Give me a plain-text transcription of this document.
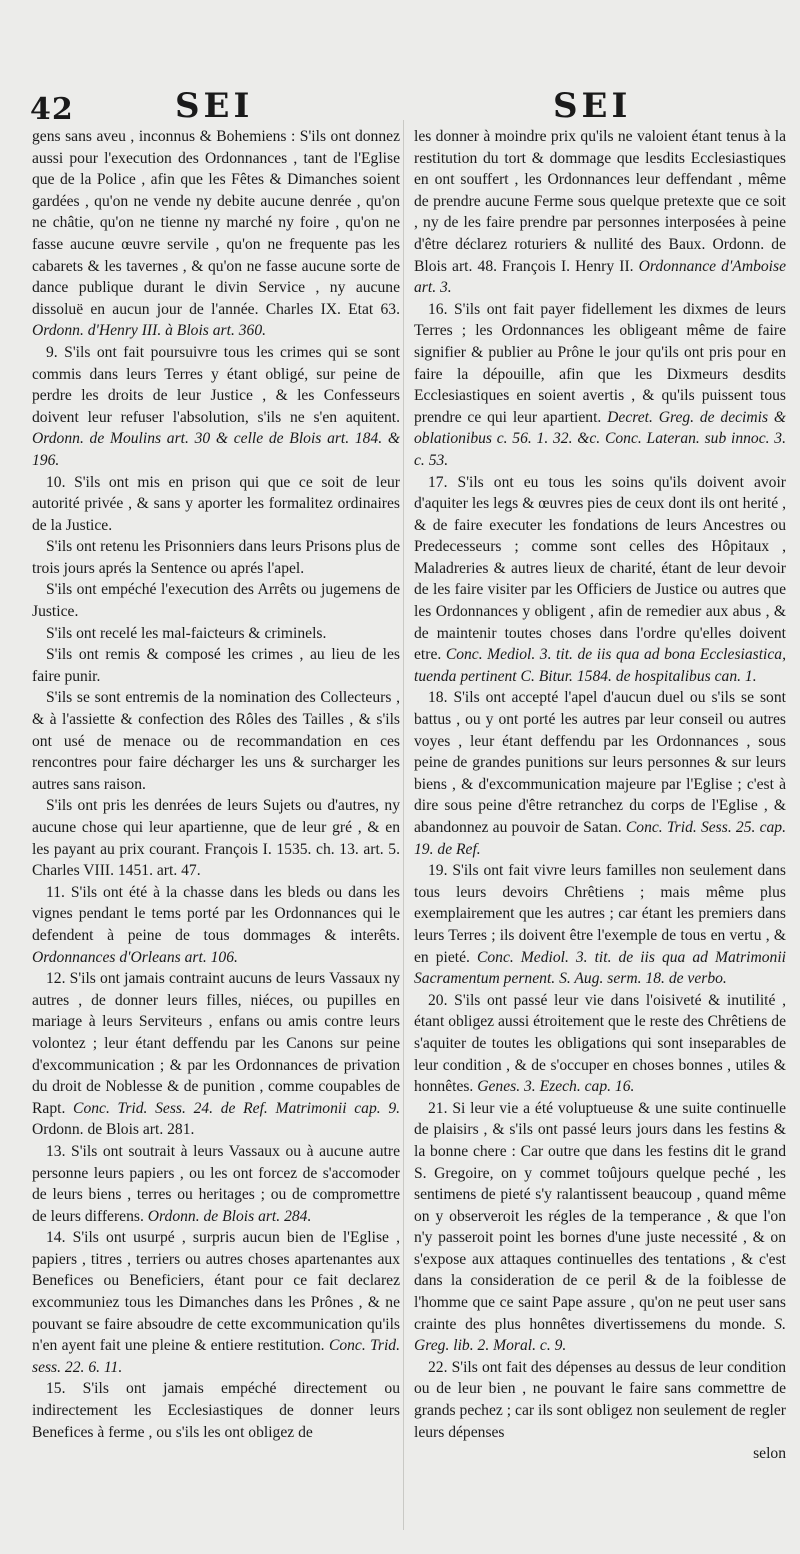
42	SEI	SEI

gens sans aveu , inconnus & Bohemiens : S'ils ont donnez aussi pour l'execution des Ordonnances , tant de l'Eglise que de la Police , afin que les Fêtes & Dimanches soient gardées , qu'on ne vende ny debite aucune denrée , qu'on ne châtie, qu'on ne tienne ny marché ny foire , qu'on ne fasse aucune œuvre servile , qu'on ne frequente pas les cabarets & les tavernes , & qu'on ne fasse aucune sorte de dance publique durant le divin Service , ny aucune dissoluë en aucun jour de l'année. Charles IX. Etat 63. Ordonn. d'Henry III. à Blois art. 360.

9. S'ils ont fait poursuivre tous les crimes qui se sont commis dans leurs Terres y étant obligé, sur peine de perdre les droits de leur Justice , & les Confesseurs doivent leur refuser l'absolution, s'ils ne s'en aquitent. Ordonn. de Moulins art. 30 & celle de Blois art. 184. & 196.

10. S'ils ont mis en prison qui que ce soit de leur autorité privée , & sans y aporter les formalitez ordinaires de la Justice.

S'ils ont retenu les Prisonniers dans leurs Prisons plus de trois jours aprés la Sentence ou aprés l'apel.

S'ils ont empéché l'execution des Arrêts ou jugemens de Justice.

S'ils ont recelé les mal-faicteurs & criminels.

S'ils ont remis & composé les crimes , au lieu de les faire punir.

S'ils se sont entremis de la nomination des Collecteurs , & à l'assiette & confection des Rôles des Tailles , & s'ils ont usé de menace ou de recommandation en ces rencontres pour faire décharger les uns & surcharger les autres sans raison.

S'ils ont pris les denrées de leurs Sujets ou d'autres, ny aucune chose qui leur apartienne, que de leur gré , & en les payant au prix courant. François I. 1535. ch. 13. art. 5. Charles VIII. 1451. art. 47.

11. S'ils ont été à la chasse dans les bleds ou dans les vignes pendant le tems porté par les Ordonnances qui le defendent à peine de tous dommages & interêts. Ordonnances d'Orleans art. 106.

12. S'ils ont jamais contraint aucuns de leurs Vassaux ny autres , de donner leurs filles, niéces, ou pupilles en mariage à leurs Serviteurs , enfans ou amis contre leurs volontez ; leur étant deffendu par les Canons sur peine d'excommunication ; & par les Ordonnances de privation du droit de Noblesse & de punition , comme coupables de Rapt. Conc. Trid. Sess. 24. de Ref. Matrimonii cap. 9. Ordonn. de Blois art. 281.

13. S'ils ont soutrait à leurs Vassaux ou à aucune autre personne leurs papiers , ou les ont forcez de s'accomoder de leurs biens , terres ou heritages ; ou de compromettre de leurs differens. Ordonn. de Blois art. 284.

14. S'ils ont usurpé , surpris aucun bien de l'Eglise , papiers , titres , terriers ou autres choses apartenantes aux Benefices ou Beneficiers, étant pour ce fait declarez excommuniez tous les Dimanches dans les Prônes , & ne pouvant se faire absoudre de cette excommunication qu'ils n'en ayent fait une pleine & entiere restitution. Conc. Trid. sess. 22. 6. 11.

15. S'ils ont jamais empéché directement ou indirectement les Ecclesiastiques de donner leurs Benefices à ferme , ou s'ils les ont obligez de

les donner à moindre prix qu'ils ne valoient étant tenus à la restitution du tort & dommage que lesdits Ecclesiastiques en ont souffert , les Ordonnances leur deffendant , même de prendre aucune Ferme sous quelque pretexte que ce soit , ny de les faire prendre par personnes interposées à peine d'être déclarez roturiers & nullité des Baux. Ordonn. de Blois art. 48. François I. Henry II. Ordonnance d'Amboise art. 3.

16. S'ils ont fait payer fidellement les dixmes de leurs Terres ; les Ordonnances les obligeant même de faire signifier & publier au Prône le jour qu'ils ont pris pour en faire la dépouille, afin que les Dixmeurs desdits Ecclesiastiques en soient avertis , & qu'ils puissent tous prendre ce qui leur apartient. Decret. Greg. de decimis & oblationibus c. 56. 1. 32. &c. Conc. Lateran. sub innoc. 3. c. 53.

17. S'ils ont eu tous les soins qu'ils doivent avoir d'aquiter les legs & œuvres pies de ceux dont ils ont herité , & de faire executer les fondations de leurs Ancestres ou Predecesseurs ; comme sont celles des Hôpitaux , Maladreries & autres lieux de charité, étant de leur devoir de les faire visiter par les Officiers de Justice ou autres que les Ordonnances y obligent , afin de remedier aux abus , & de maintenir toutes choses dans l'ordre qu'elles doivent etre. Conc. Mediol. 3. tit. de iis qua ad bona Ecclesiastica, tuenda pertinent C. Bitur. 1584. de hospitalibus can. 1.

18. S'ils ont accepté l'apel d'aucun duel ou s'ils se sont battus , ou y ont porté les autres par leur conseil ou autres voyes , leur étant deffendu par les Ordonnances , sous peine de grandes punitions sur leurs personnes & sur leurs biens , & d'excommunication majeure par l'Eglise ; c'est à dire sous peine d'être retranchez du corps de l'Eglise , & abandonnez au pouvoir de Satan. Conc. Trid. Sess. 25. cap. 19. de Ref.

19. S'ils ont fait vivre leurs familles non seulement dans tous leurs devoirs Chrêtiens ; mais même plus exemplairement que les autres ; car étant les premiers dans leurs Terres ; ils doivent être l'exemple de tous en vertu , & en pieté. Conc. Mediol. 3. tit. de iis qua ad Matrimonii Sacramentum pernent. S. Aug. serm. 18. de verbo.

20. S'ils ont passé leur vie dans l'oisiveté & inutilité , étant obligez aussi étroitement que le reste des Chrêtiens de s'aquiter de toutes les obligations qui sont inseparables de leur condition , & de s'occuper en choses bonnes , utiles & honnêtes. Genes. 3. Ezech. cap. 16.

21. Si leur vie a été voluptueuse & une suite continuelle de plaisirs , & s'ils ont passé leurs jours dans les festins & la bonne chere : Car outre que dans les festins dit le grand S. Gregoire, on y commet toûjours quelque peché , les sentimens de pieté s'y ralantissent beaucoup , quand même on y observeroit les régles de la temperance , & que l'on n'y passeroit point les bornes d'une juste necessité , & on s'expose aux attaques continuelles des tentations , & c'est dans la consideration de ce peril & de la foiblesse de l'homme que ce saint Pape assure , qu'on ne peut user sans crainte des plus honnêtes divertissemens du monde. S. Greg. lib. 2. Moral. c. 9.

22. S'ils ont fait des dépenses au dessus de leur condition ou de leur bien , ne pouvant le faire sans commettre de grands pechez ; car ils sont obligez non seulement de regler leurs dépenses

selon
